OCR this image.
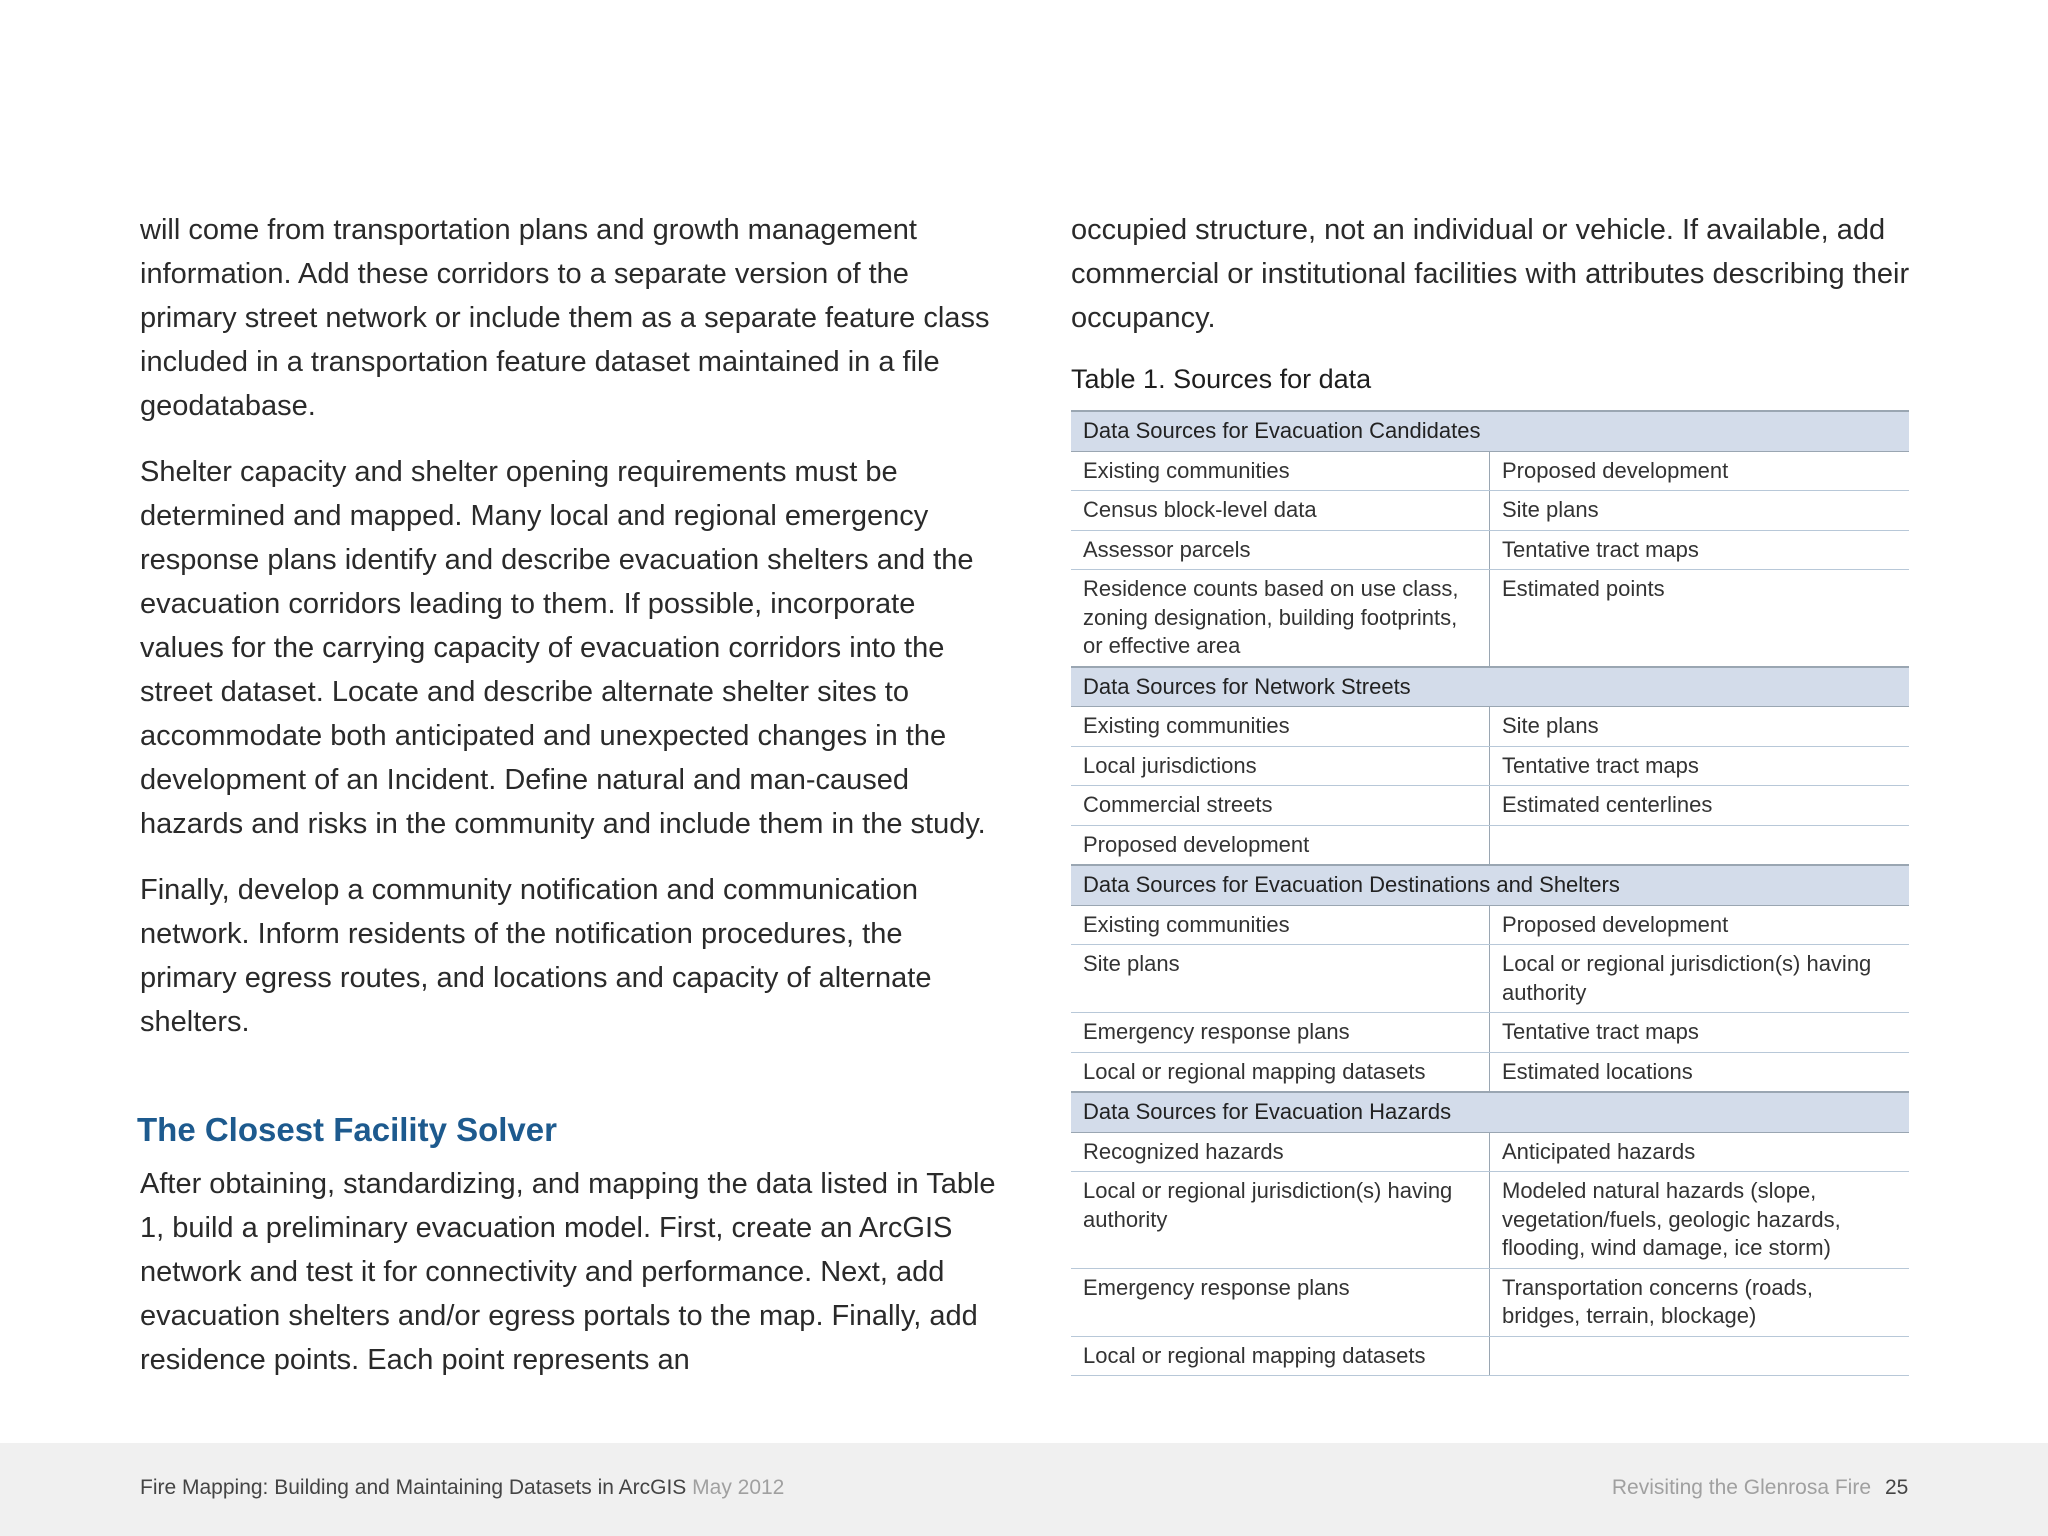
will come from transportation plans and growth management information. Add these corridors to a separate version of the primary street network or include them as a separate feature class included in a transportation feature dataset maintained in a file geodatabase.

Shelter capacity and shelter opening requirements must be determined and mapped. Many local and regional emergency response plans identify and describe evacuation shelters and the evacuation corridors leading to them. If possible, incorporate values for the carrying capacity of evacuation corridors into the street dataset. Locate and describe alternate shelter sites to accommodate both anticipated and unexpected changes in the development of an Incident. Define natural and man-caused hazards and risks in the community and include them in the study.

Finally, develop a community notification and communication network. Inform residents of the notification procedures, the primary egress routes, and locations and capacity of alternate shelters.

The Closest Facility Solver

After obtaining, standardizing, and mapping the data listed in Table 1, build a preliminary evacuation model. First, create an ArcGIS network and test it for connectivity and performance. Next, add evacuation shelters and/or egress portals to the map. Finally, add residence points. Each point represents an

occupied structure, not an individual or vehicle. If available, add commercial or institutional facilities with attributes describing their occupancy.

Table 1. Sources for data
Data Sources for Evacuation Candidates	
Existing communities	Proposed development
Census block-level data	Site plans
Assessor parcels	Tentative tract maps
Residence counts based on use class, zoning designation, building footprints, or effective area	Estimated points
Data Sources for Network Streets	
Existing communities	Site plans
Local jurisdictions	Tentative tract maps
Commercial streets	Estimated centerlines
Proposed development	
Data Sources for Evacuation Destinations and Shelters	
Existing communities	Proposed development
Site plans	Local or regional jurisdiction(s) having authority
Emergency response plans	Tentative tract maps
Local or regional mapping datasets	Estimated locations
Data Sources for Evacuation Hazards	
Recognized hazards	Anticipated hazards
Local or regional jurisdiction(s) having authority	Modeled natural hazards (slope, vegetation/fuels, geologic hazards, flooding, wind damage, ice storm)
Emergency response plans	Transportation concerns (roads, bridges, terrain, blockage)
Local or regional mapping datasets	
Fire Mapping: Building and Maintaining Datasets in ArcGIS May 2012	Revisiting the Glenrosa Fire 25
